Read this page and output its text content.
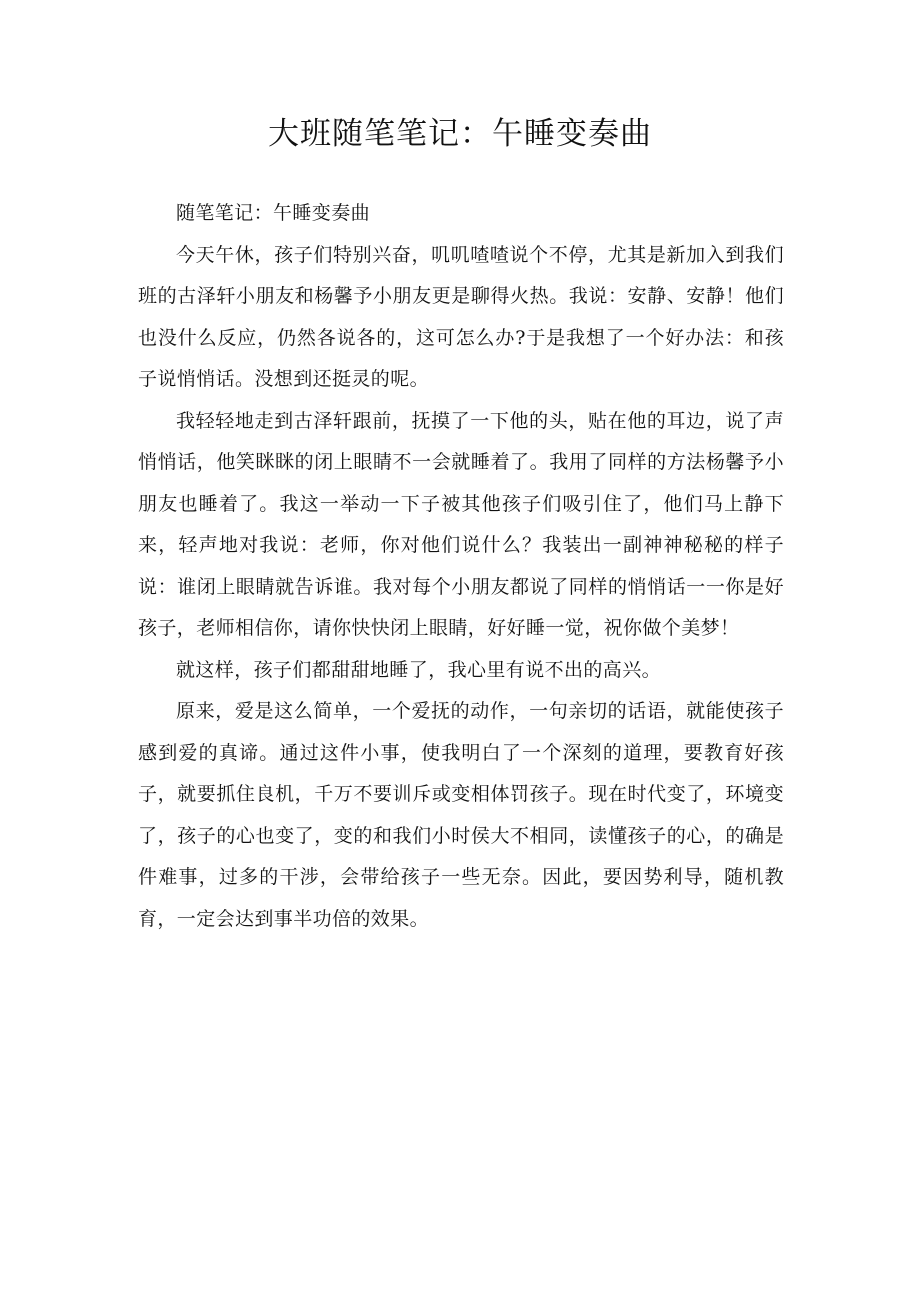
大班随笔笔记：午睡变奏曲

随笔笔记：午睡变奏曲

今天午休，孩子们特别兴奋，叽叽喳喳说个不停，尤其是新加入到我们班的古泽轩小朋友和杨馨予小朋友更是聊得火热。我说：安静、安静！他们也没什么反应，仍然各说各的，这可怎么办?于是我想了一个好办法：和孩子说悄悄话。没想到还挺灵的呢。

我轻轻地走到古泽轩跟前，抚摸了一下他的头，贴在他的耳边，说了声悄悄话，他笑眯眯的闭上眼睛不一会就睡着了。我用了同样的方法杨馨予小朋友也睡着了。我这一举动一下子被其他孩子们吸引住了，他们马上静下来，轻声地对我说：老师，你对他们说什么？我装出一副神神秘秘的样子说：谁闭上眼睛就告诉谁。我对每个小朋友都说了同样的悄悄话一一你是好孩子，老师相信你，请你快快闭上眼睛，好好睡一觉，祝你做个美梦！

就这样，孩子们都甜甜地睡了，我心里有说不出的高兴。

原来，爱是这么简单，一个爱抚的动作，一句亲切的话语，就能使孩子感到爱的真谛。通过这件小事，使我明白了一个深刻的道理，要教育好孩子，就要抓住良机，千万不要训斥或变相体罚孩子。现在时代变了，环境变了，孩子的心也变了，变的和我们小时侯大不相同，读懂孩子的心，的确是件难事，过多的干涉，会带给孩子一些无奈。因此，要因势利导，随机教育，一定会达到事半功倍的效果。
